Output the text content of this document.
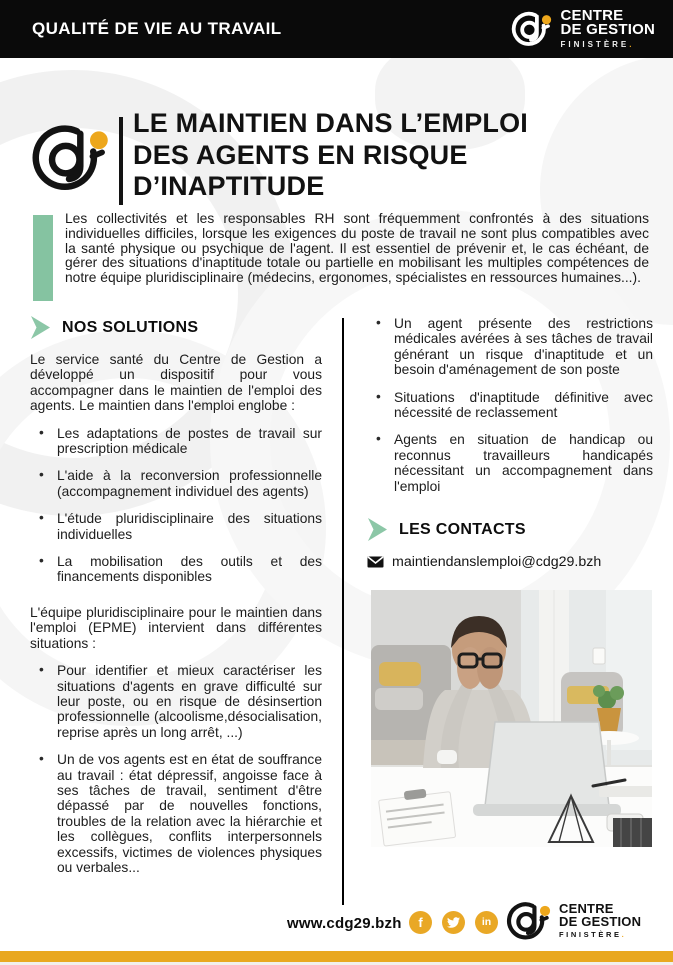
QUALITÉ DE VIE AU TRAVAIL
CENTRE
DE GESTION
FINISTÈRE.
LE MAINTIEN DANS L’EMPLOI
DES AGENTS EN RISQUE
D’INAPTITUDE

Les collectivités et les responsables RH sont fréquemment confrontés à des situations individuelles difficiles, lorsque les exigences du poste de travail ne sont plus compatibles avec la santé physique ou psychique de l'agent. Il est essentiel de prévenir et, le cas échéant, de gérer des situations d'inaptitude totale ou partielle en mobilisant les multiples compétences de notre équipe pluridisciplinaire (médecins, ergonomes, spécialistes en ressources humaines...).

NOS SOLUTIONS

Le service santé du Centre de Gestion a développé un dispositif pour vous accompagner dans le maintien de l'emploi des agents. Le maintien dans l'emploi englobe :

• Les adaptations de postes de travail sur prescription médicale
• L'aide à la reconversion professionnelle (accompagnement individuel des agents)
• L'étude pluridisciplinaire des situations individuelles
• La mobilisation des outils et des financements disponibles

L'équipe pluridisciplinaire pour le maintien dans l'emploi (EPME) intervient dans différentes situations :

• Pour identifier et mieux caractériser les situations d'agents en grave difficulté sur leur poste, ou en risque de désinsertion professionnelle (alcoolisme,désocialisation, reprise après un long arrêt, ...)
• Un de vos agents est en état de souffrance au travail : état dépressif, angoisse face à ses tâches de travail, sentiment d'être dépassé par de nouvelles fonctions, troubles de la relation avec la hiérarchie et les collègues, conflits interpersonnels excessifs, victimes de violences physiques ou verbales...
• Un agent présente des restrictions médicales avérées à ses tâches de travail générant un risque d'inaptitude et un besoin d'aménagement de son poste
• Situations d'inaptitude définitive avec nécessité de reclassement
• Agents en situation de handicap ou reconnus travailleurs handicapés nécessitant un accompagnement dans l'emploi
LES CONTACTS
maintiendanslemploi@cdg29.bzh
www.cdg29.bzh f	in
CENTRE
DE GESTION
FINISTÈRE.
